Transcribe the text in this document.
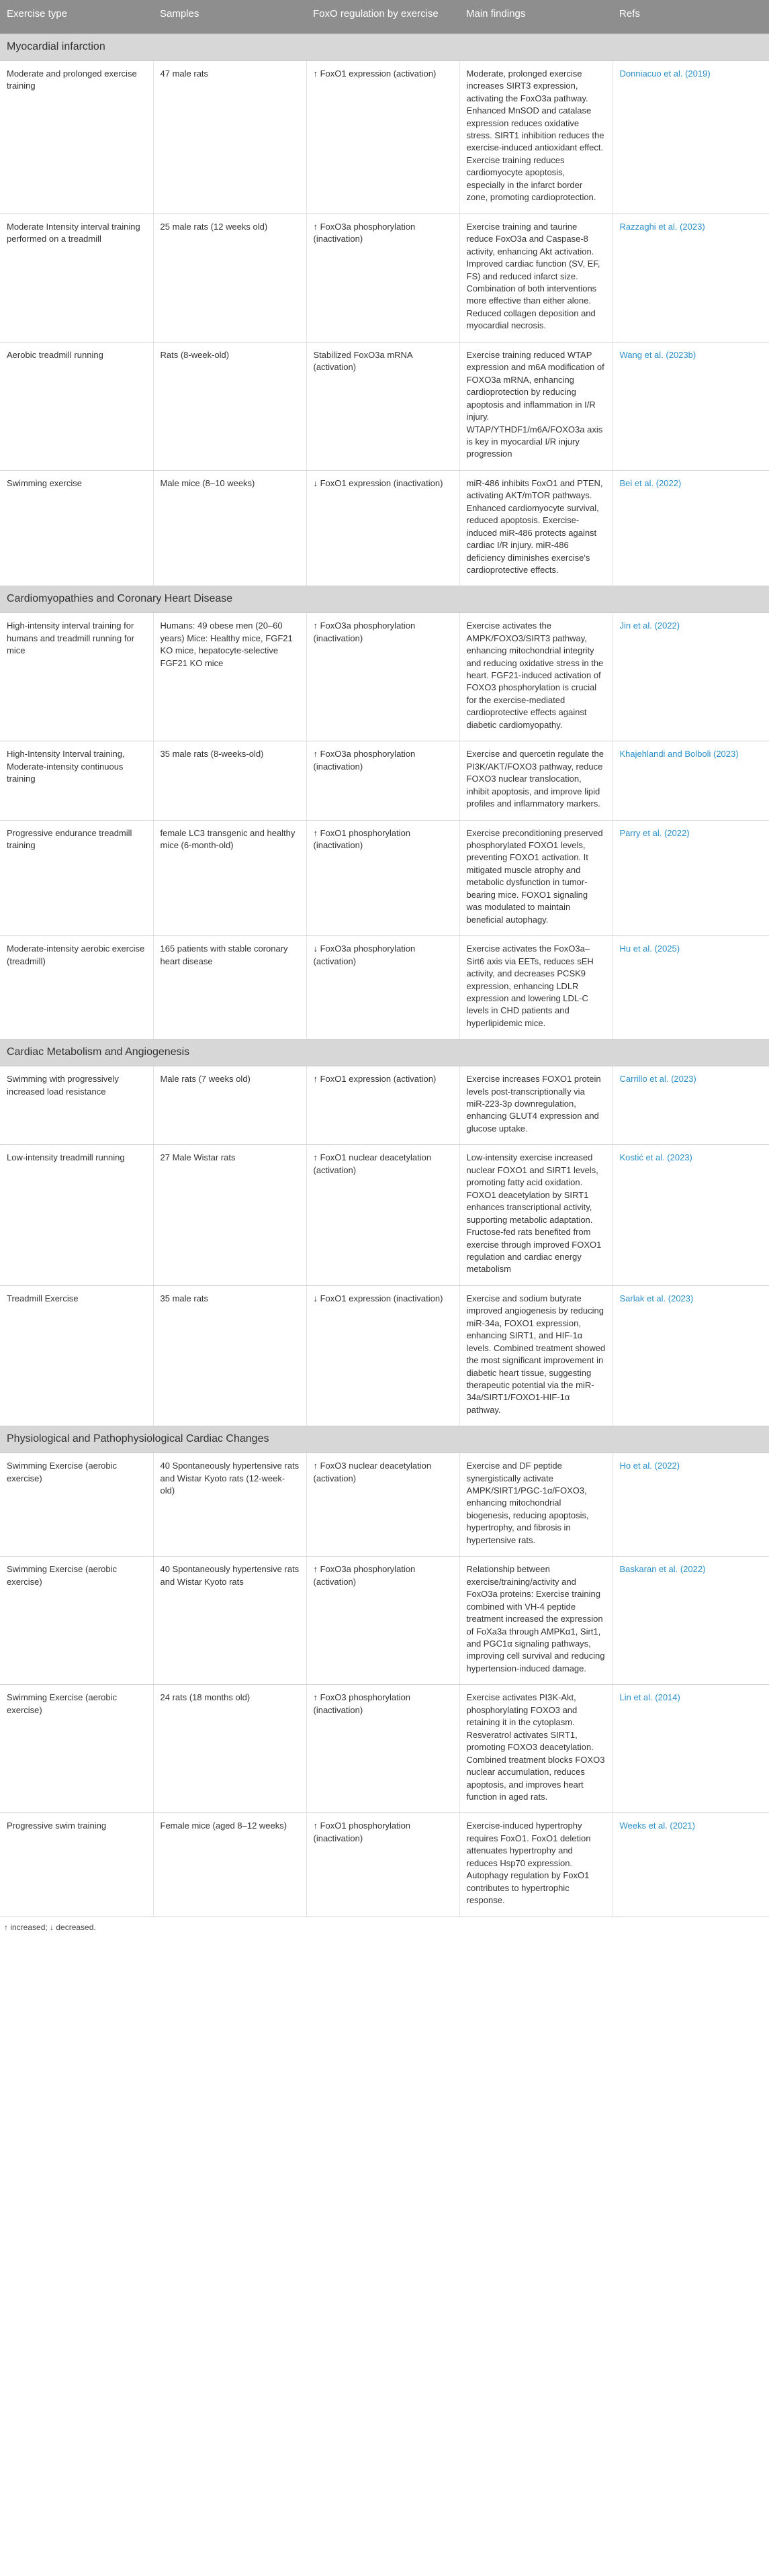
Exercise type	Samples	FoxO regulation by exercise	Main findings	Refs
Myocardial infarction				
Moderate and prolonged exercise training	47 male rats	↑ FoxO1 expression (activation)	Moderate, prolonged exercise increases SIRT3 expression, activating the FoxO3a pathway. Enhanced MnSOD and catalase expression reduces oxidative stress. SIRT1 inhibition reduces the exercise-induced antioxidant effect. Exercise training reduces cardiomyocyte apoptosis, especially in the infarct border zone, promoting cardioprotection.	Donniacuo et al. (2019)
Moderate Intensity interval training performed on a treadmill	25 male rats (12 weeks old)	↑ FoxO3a phosphorylation (inactivation)	Exercise training and taurine reduce FoxO3a and Caspase-8 activity, enhancing Akt activation. Improved cardiac function (SV, EF, FS) and reduced infarct size. Combination of both interventions more effective than either alone. Reduced collagen deposition and myocardial necrosis.	Razzaghi et al. (2023)
Aerobic treadmill running	Rats (8-week-old)	Stabilized FoxO3a mRNA (activation)	Exercise training reduced WTAP expression and m6A modification of FOXO3a mRNA, enhancing cardioprotection by reducing apoptosis and inflammation in I/R injury. WTAP/YTHDF1/m6A/FOXO3a axis is key in myocardial I/R injury progression	Wang et al. (2023b)
Swimming exercise	Male mice (8–10 weeks)	↓ FoxO1 expression (inactivation)	miR-486 inhibits FoxO1 and PTEN, activating AKT/mTOR pathways. Enhanced cardiomyocyte survival, reduced apoptosis. Exercise-induced miR-486 protects against cardiac I/R injury. miR-486 deficiency diminishes exercise's cardioprotective effects.	Bei et al. (2022)
Cardiomyopathies and Coronary Heart Disease				
High-intensity interval training for humans and treadmill running for mice	Humans: 49 obese men (20–60 years) Mice: Healthy mice, FGF21 KO mice, hepatocyte-selective FGF21 KO mice	↑ FoxO3a phosphorylation (inactivation)	Exercise activates the AMPK/FOXO3/SIRT3 pathway, enhancing mitochondrial integrity and reducing oxidative stress in the heart. FGF21-induced activation of FOXO3 phosphorylation is crucial for the exercise-mediated cardioprotective effects against diabetic cardiomyopathy.	Jin et al. (2022)
High-Intensity Interval training, Moderate-intensity continuous training	35 male rats (8-weeks-old)	↑ FoxO3a phosphorylation (inactivation)	Exercise and quercetin regulate the PI3K/AKT/FOXO3 pathway, reduce FOXO3 nuclear translocation, inhibit apoptosis, and improve lipid profiles and inflammatory markers.	Khajehlandi and Bolboli (2023)
Progressive endurance treadmill training	female LC3 transgenic and healthy mice (6-month-old)	↑ FoxO1 phosphorylation (inactivation)	Exercise preconditioning preserved phosphorylated FOXO1 levels, preventing FOXO1 activation. It mitigated muscle atrophy and metabolic dysfunction in tumor-bearing mice. FOXO1 signaling was modulated to maintain beneficial autophagy.	Parry et al. (2022)
Moderate-intensity aerobic exercise (treadmill)	165 patients with stable coronary heart disease	↓ FoxO3a phosphorylation (activation)	Exercise activates the FoxO3a–Sirt6 axis via EETs, reduces sEH activity, and decreases PCSK9 expression, enhancing LDLR expression and lowering LDL-C levels in CHD patients and hyperlipidemic mice.	Hu et al. (2025)
Cardiac Metabolism and Angiogenesis				
Swimming with progressively increased load resistance	Male rats (7 weeks old)	↑ FoxO1 expression (activation)	Exercise increases FOXO1 protein levels post-transcriptionally via miR-223-3p downregulation, enhancing GLUT4 expression and glucose uptake.	Carrillo et al. (2023)
Low-intensity treadmill running	27 Male Wistar rats	↑ FoxO1 nuclear deacetylation (activation)	Low-intensity exercise increased nuclear FOXO1 and SIRT1 levels, promoting fatty acid oxidation. FOXO1 deacetylation by SIRT1 enhances transcriptional activity, supporting metabolic adaptation. Fructose-fed rats benefited from exercise through improved FOXO1 regulation and cardiac energy metabolism	Kostić et al. (2023)
Treadmill Exercise	35 male rats	↓ FoxO1 expression (inactivation)	Exercise and sodium butyrate improved angiogenesis by reducing miR-34a, FOXO1 expression, enhancing SIRT1, and HIF-1α levels. Combined treatment showed the most significant improvement in diabetic heart tissue, suggesting therapeutic potential via the miR-34a/SIRT1/FOXO1-HIF-1α pathway.	Sarlak et al. (2023)
Physiological and Pathophysiological Cardiac Changes				
Swimming Exercise (aerobic exercise)	40 Spontaneously hypertensive rats and Wistar Kyoto rats (12-week-old)	↑ FoxO3 nuclear deacetylation (activation)	Exercise and DF peptide synergistically activate AMPK/SIRT1/PGC-1α/FOXO3, enhancing mitochondrial biogenesis, reducing apoptosis, hypertrophy, and fibrosis in hypertensive rats.	Ho et al. (2022)
Swimming Exercise (aerobic exercise)	40 Spontaneously hypertensive rats and Wistar Kyoto rats	↑ FoxO3a phosphorylation (activation)	Relationship between exercise/training/activity and FoxO3a proteins: Exercise training combined with VH-4 peptide treatment increased the expression of FoXa3a through AMPKα1, Sirt1, and PGC1α signaling pathways, improving cell survival and reducing hypertension-induced damage.	Baskaran et al. (2022)
Swimming Exercise (aerobic exercise)	24 rats (18 months old)	↑ FoxO3 phosphorylation (inactivation)	Exercise activates PI3K-Akt, phosphorylating FOXO3 and retaining it in the cytoplasm. Resveratrol activates SIRT1, promoting FOXO3 deacetylation. Combined treatment blocks FOXO3 nuclear accumulation, reduces apoptosis, and improves heart function in aged rats.	Lin et al. (2014)
Progressive swim training	Female mice (aged 8–12 weeks)	↑ FoxO1 phosphorylation (inactivation)	Exercise-induced hypertrophy requires FoxO1. FoxO1 deletion attenuates hypertrophy and reduces Hsp70 expression. Autophagy regulation by FoxO1 contributes to hypertrophic response.	Weeks et al. (2021)
↑ increased; ↓ decreased.
